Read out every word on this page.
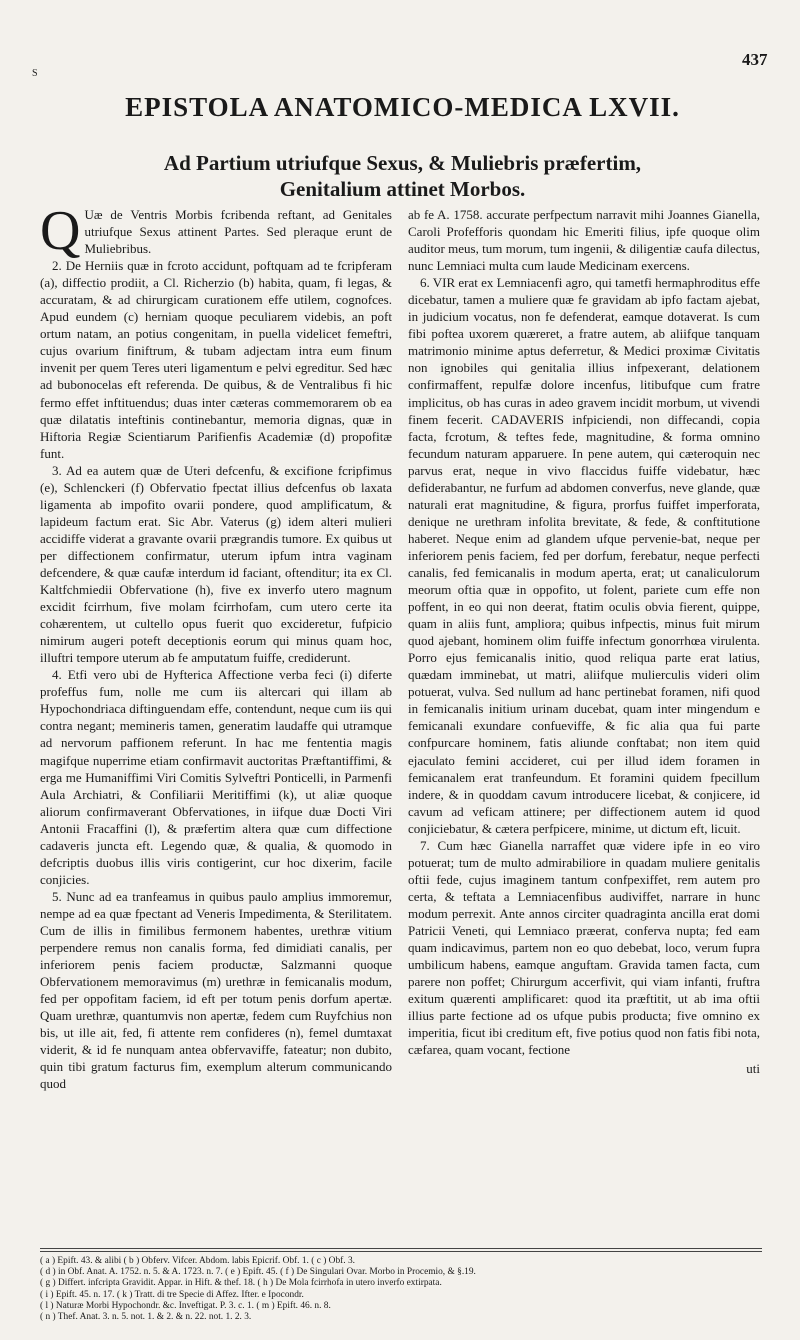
437
S
EPISTOLA ANATOMICO-MEDICA LXVII.
Ad Partium utriufque Sexus, & Muliebris præfertim,
Genitalium attinet Morbos.

Q Uæ de Ventris Morbis fcribenda reftant, ad Genitales utriufque Sexus attinent Partes. Sed pleraque erunt de Muliebribus.

2. De Herniis quæ in fcroto accidunt, poftquam ad te fcripferam (a), diffectio prodiit, a Cl. Richerzio (b) habita, quam, fi legas, & accuratam, & ad chirurgicam curationem effe utilem, cognofces. Apud eundem (c) herniam quoque peculiarem videbis, an poft ortum natam, an potius congenitam, in puella videlicet femeftri, cujus ovarium finiftrum, & tubam adjectam intra eum finum invenit per quem Teres uteri ligamentum e pelvi egreditur. Sed hæc ad bubonocelas eft referenda. De quibus, & de Ventralibus fi hic fermo effet inftituendus; duas inter cæteras commemorarem ob ea quæ dilatatis inteftinis continebantur, memoria dignas, quæ in Hiftoria Regiæ Scientiarum Parifienfis Academiæ (d) propofitæ funt.

3. Ad ea autem quæ de Uteri defcenfu, & excifione fcripfimus (e), Schlenckeri (f) Obfervatio fpectat illius defcenfus ob laxata ligamenta ab impofito ovarii pondere, quod amplificatum, & lapideum factum erat. Sic Abr. Vaterus (g) idem alteri mulieri accidiffe viderat a gravante ovarii prægrandis tumore. Ex quibus ut per diffectionem confirmatur, uterum ipfum intra vaginam defcendere, & quæ caufæ interdum id faciant, oftenditur; ita ex Cl. Kaltfchmiedii Obfervatione (h), five ex inverfo utero magnum excidit fcirrhum, five molam fcirrhofam, cum utero certe ita cohærentem, ut cultello opus fuerit quo excideretur, fufpicio nimirum augeri poteft deceptionis eorum qui minus quam hoc, illuftri tempore uterum ab fe amputatum fuiffe, crediderunt.

4. Etfi vero ubi de Hyfterica Affectione verba feci (i) diferte profeffus fum, nolle me cum iis altercari qui illam ab Hypochondriaca diftinguendam effe, contendunt, neque cum iis qui contra negant; memineris tamen, generatim laudaffe qui utramque ad nervorum paffionem referunt. In hac me fententia magis magifque nuperrime etiam confirmavit auctoritas Præftantiffimi, & erga me Humaniffimi Viri Comitis Sylveftri Ponticelli, in Parmenfi Aula Archiatri, & Confiliarii Meritiffimi (k), ut aliæ quoque aliorum confirmaverant Obfervationes, in iifque duæ Docti Viri Antonii Fracaffini (l), & præfertim altera quæ cum diffectione cadaveris juncta eft. Legendo quæ, & qualia, & quomodo in defcriptis duobus illis viris contigerint, cur hoc dixerim, facile conjicies.

5. Nunc ad ea tranfeamus in quibus paulo amplius immoremur, nempe ad ea quæ fpectant ad Veneris Impedimenta, & Sterilitatem. Cum de illis in fimilibus fermonem habentes, urethræ vitium perpendere remus non canalis forma, fed dimidiati canalis, per inferiorem penis faciem productæ, Salzmanni quoque Obfervationem memoravimus (m) urethræ in femicanalis modum, fed per oppofitam faciem, id eft per totum penis dorfum apertæ. Quam urethræ, quantumvis non apertæ, fedem cum Ruyfchius non bis, ut ille ait, fed, fi attente rem confideres (n), femel dumtaxat viderit, & id fe nunquam antea obfervaviffe, fateatur; non dubito, quin tibi gratum facturus fim, exemplum alterum communicando quod

ab fe A. 1758. accurate perfpectum narravit mihi Joannes Gianella, Caroli Profefforis quondam hic Emeriti filius, ipfe quoque olim auditor meus, tum morum, tum ingenii, & diligentiæ caufa dilectus, nunc Lemniaci multa cum laude Medicinam exercens.

6. VIR erat ex Lemniacenfi agro, qui tametfi hermaphroditus effe dicebatur, tamen a muliere quæ fe gravidam ab ipfo factam ajebat, in judicium vocatus, non fe defenderat, eamque dotaverat. Is cum fibi poftea uxorem quæreret, a fratre autem, ab aliifque tanquam matrimonio minime aptus deferretur, & Medici proximæ Civitatis non ignobiles qui genitalia illius infpexerant, delationem confirmaffent, repulfæ dolore incenfus, litibufque cum fratre implicitus, ob has curas in adeo gravem incidit morbum, ut vivendi finem fecerit. CADAVERIS infpiciendi, non diffecandi, copia facta, fcrotum, & teftes fede, magnitudine, & forma omnino fecundum naturam apparuere. In pene autem, qui cæteroquin nec parvus erat, neque in vivo flaccidus fuiffe videbatur, hæc defiderabantur, ne furfum ad abdomen converfus, neve glande, quæ naturali erat magnitudine, & figura, prorfus fuiffet imperforata, denique ne urethram infolita brevitate, & fede, & conftitutione haberet. Neque enim ad glandem ufque pervenie-bat, neque per inferiorem penis faciem, fed per dorfum, ferebatur, neque perfecti canalis, fed femicanalis in modum aperta, erat; ut canaliculorum meorum oftia quæ in oppofito, ut folent, pariete cum effe non poffent, in eo qui non deerat, ftatim oculis obvia fierent, quippe, quam in aliis funt, ampliora; quibus infpectis, minus fuit mirum quod ajebant, hominem olim fuiffe infectum gonorrhœa virulenta. Porro ejus femicanalis initio, quod reliqua parte erat latius, quædam imminebat, ut matri, aliifque mulierculis videri olim potuerat, vulva. Sed nullum ad hanc pertinebat foramen, nifi quod in femicanalis initium urinam ducebat, quam inter mingendum e femicanali exundare confueviffe, & fic alia qua fui parte confpurcare hominem, fatis aliunde conftabat; non item quid ejaculato femini accideret, cui per illud idem foramen in femicanalem erat tranfeundum. Et foramini quidem fpecillum indere, & in quoddam cavum introducere licebat, & conjicere, id cavum ad veficam attinere; per diffectionem autem id quod conjiciebatur, & cætera perfpicere, minime, ut dictum eft, licuit.

7. Cum hæc Gianella narraffet quæ videre ipfe in eo viro potuerat; tum de multo admirabiliore in quadam muliere genitalis oftii fede, cujus imaginem tantum confpexiffet, rem autem pro certa, & teftata a Lemniacenfibus audiviffet, narrare in hunc modum perrexit. Ante annos circiter quadraginta ancilla erat domi Patricii Veneti, qui Lemniaco præerat, conferva nupta; fed eam quam indicavimus, partem non eo quo debebat, loco, verum fupra umbilicum habens, eamque anguftam. Gravida tamen facta, cum parere non poffet; Chirurgum accerfivit, qui viam infanti, fruftra exitum quærenti amplificaret: quod ita præftitit, ut ab ima oftii illius parte fectione ad os ufque pubis producta; five omnino ex imperitia, ficut ibi creditum eft, five potius quod non fatis fibi nota, cæfarea, quam vocant, fectione

uti
( a ) Epift. 43. & alibi ( b ) Obferv. Vifcer. Abdom. labis Epicrif. Obf. 1. ( c ) Obf. 3.
( d ) in Obf. Anat. A. 1752. n. 5. & A. 1723. n. 7. ( e ) Epift. 45. ( f ) De Singulari Ovar. Morbo in Procemio, & §.19.
( g ) Differt. infcripta Gravidit. Appar. in Hift. & thef. 18. ( h ) De Mola fcirrhofa in utero inverfo extirpata.
( i ) Epift. 45. n. 17. ( k ) Tratt. di tre Specie di Affez. Ifter. e Ipocondr.
( l ) Naturæ Morbi Hypochondr. &c. Inveftigat. P. 3. c. 1. ( m ) Epift. 46. n. 8.
( n ) Thef. Anat. 3. n. 5. not. 1. & 2. & n. 22. not. 1. 2. 3.
